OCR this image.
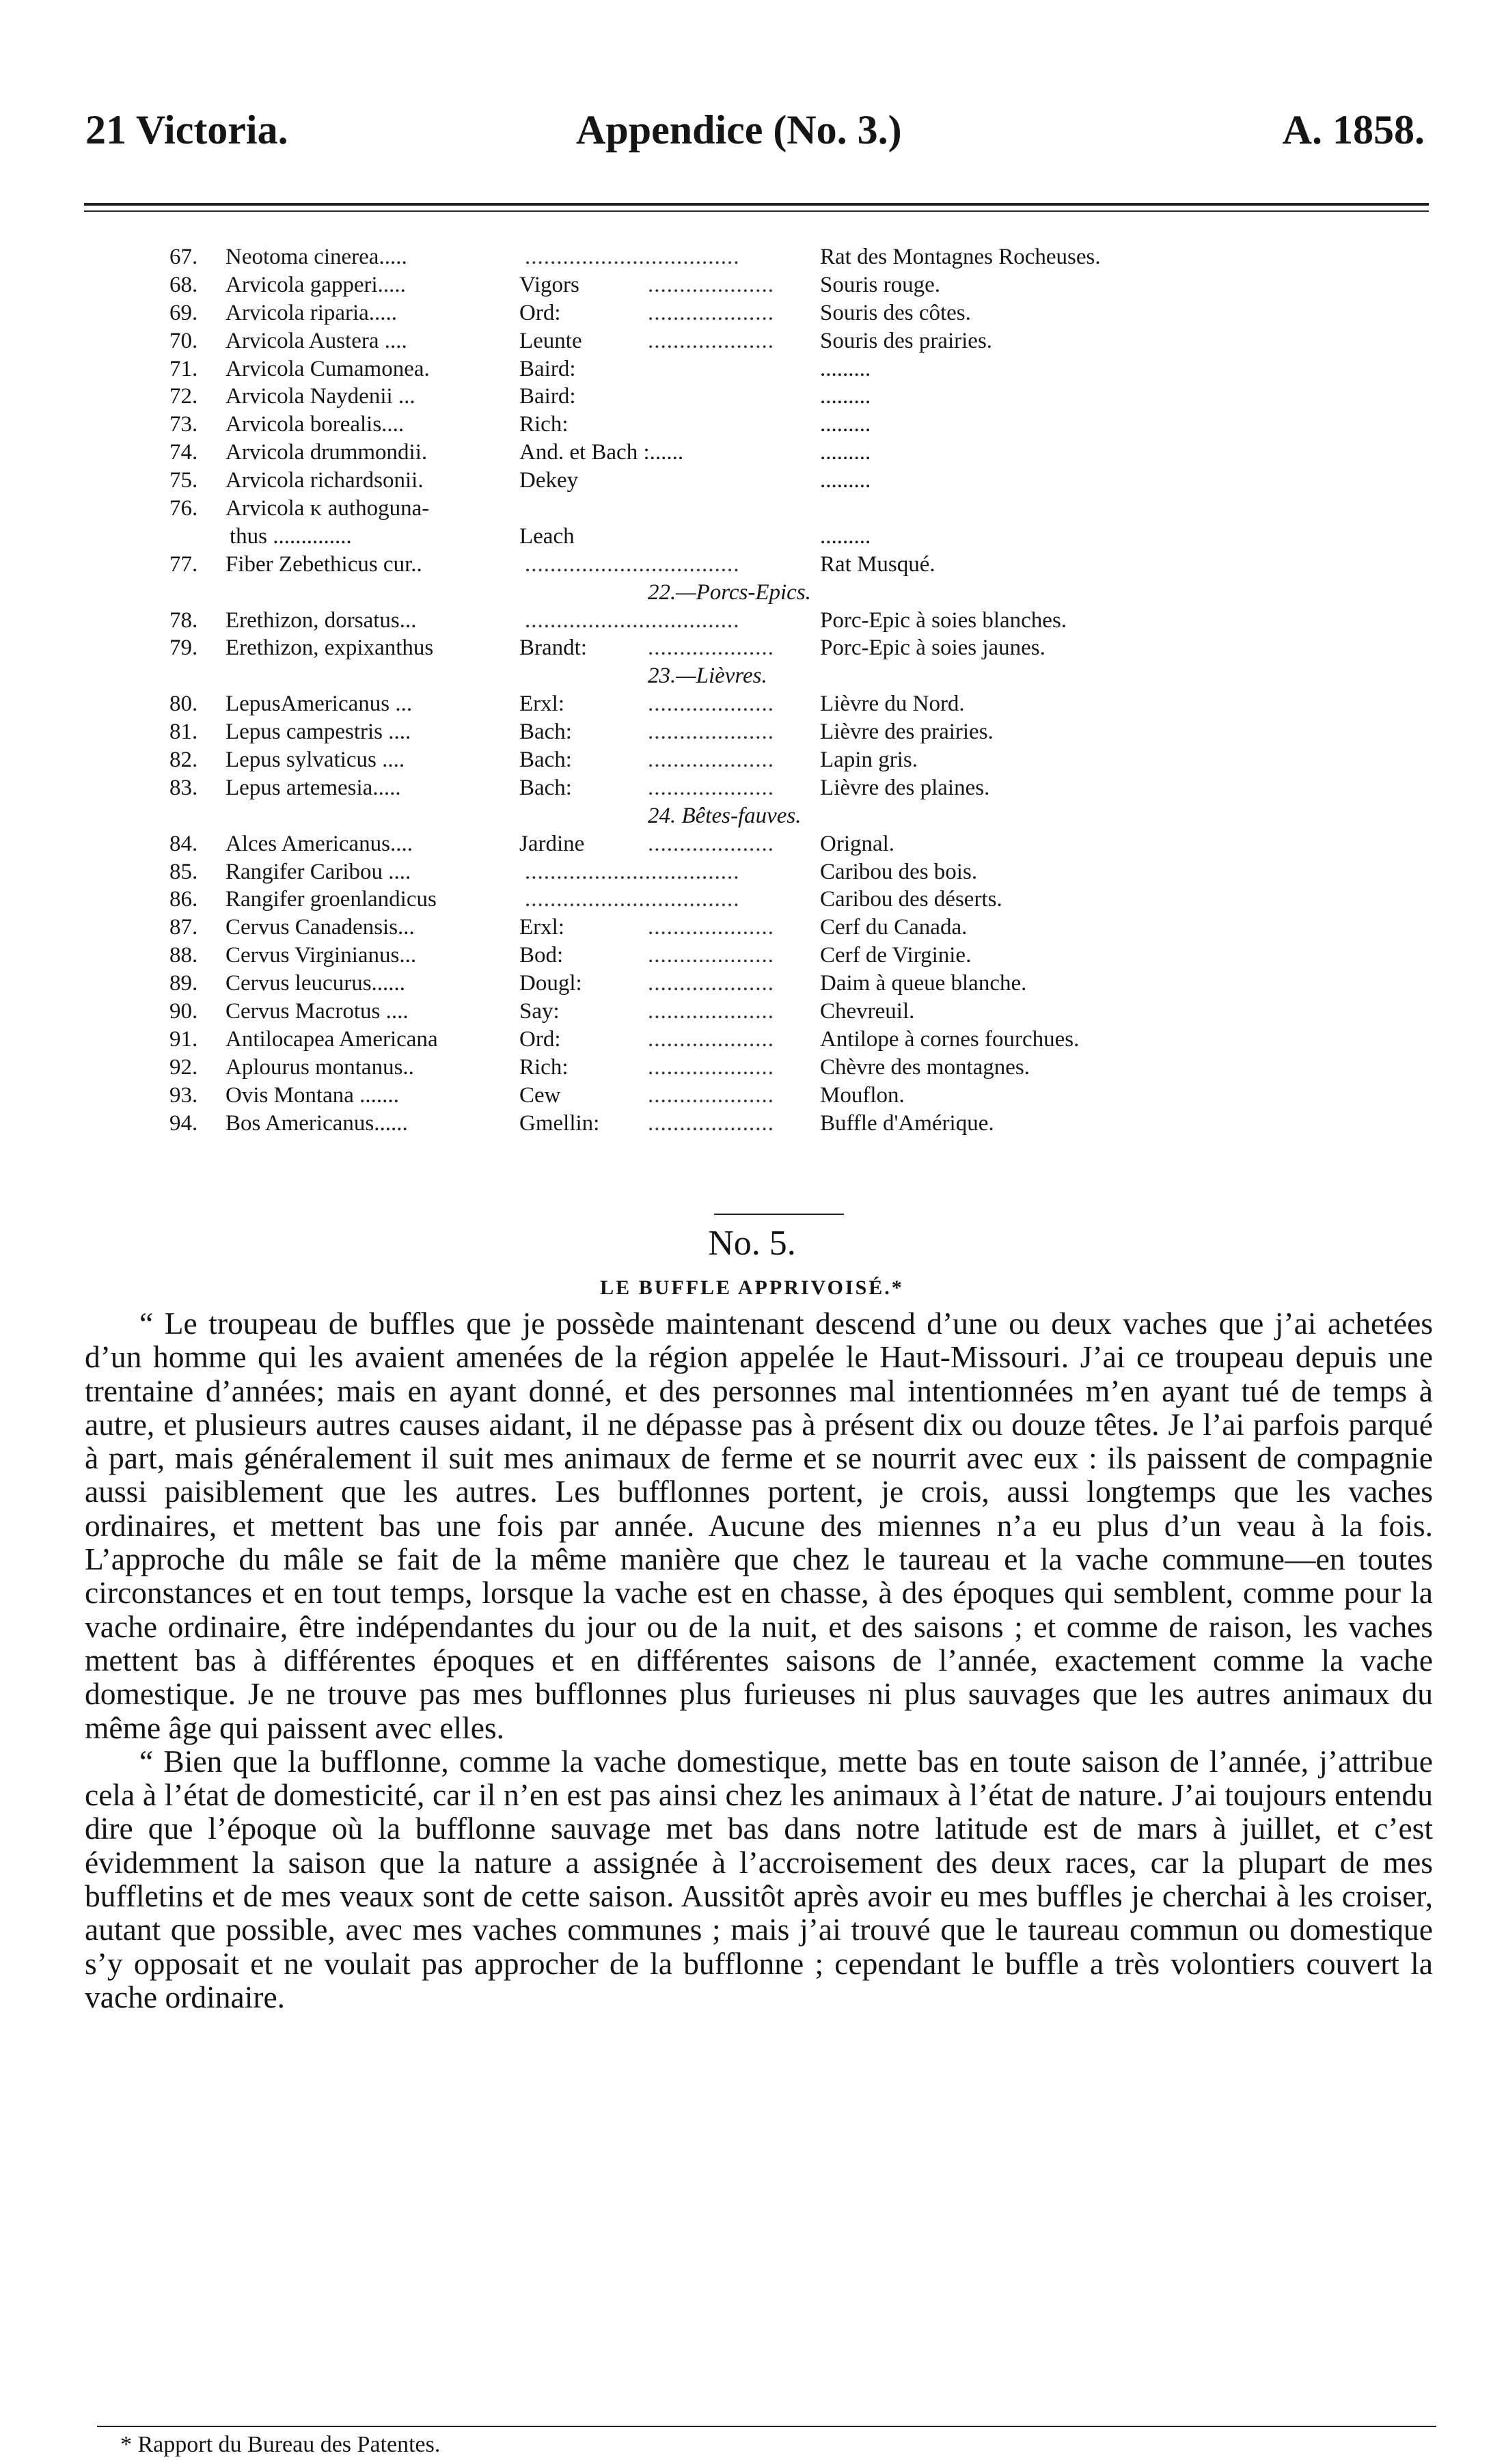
21 Victoria.	Appendice (No. 3.)	A. 1858.
67.	Neotoma cinerea.....	..................................	Rat des Montagnes Rocheuses.
68.	Arvicola gapperi.....	Vigors	.................... Souris rouge.
69.	Arvicola riparia.....	Ord:	.................... Souris des côtes.
70.	Arvicola Austera ....	Leunte	.................... Souris des prairies.
71.	Arvicola Cumamonea.	Baird:	.........
72.	Arvicola Naydenii ...	Baird:	.........
73.	Arvicola borealis....	Rich:	.........
74.	Arvicola drummondii.	And. et Bach :......	.........
75.	Arvicola richardsonii.	Dekey	.........
76.	Arvicola ᴋ authoguna-
thus ..............	Leach	.........
77.	Fiber Zebethicus cur..	..................................	Rat Musqué.
22.—Porcs-Epics.
78.	Erethizon, dorsatus...	..................................	Porc-Epic à soies blanches.
79.	Erethizon, expixanthus	Brandt:	.................... Porc-Epic à soies jaunes.
23.—Lièvres.
80.	LepusAmericanus ...	Erxl:	.................... Lièvre du Nord.
81.	Lepus campestris ....	Bach:	.................... Lièvre des prairies.
82.	Lepus sylvaticus ....	Bach:	.................... Lapin gris.
83.	Lepus artemesia.....	Bach:	.................... Lièvre des plaines.
24. Bêtes-fauves.
84.	Alces Americanus....	Jardine	.................... Orignal.
85.	Rangifer Caribou ....	..................................	Caribou des bois.
86.	Rangifer groenlandicus	..................................	Caribou des déserts.
87.	Cervus Canadensis...	Erxl:	.................... Cerf du Canada.
88.	Cervus Virginianus...	Bod:	.................... Cerf de Virginie.
89.	Cervus leucurus......	Dougl:	.................... Daim à queue blanche.
90.	Cervus Macrotus ....	Say:	.................... Chevreuil.
91.	Antilocapea Americana	Ord:	.................... Antilope à cornes fourchues.
92.	Aplourus montanus..	Rich:	.................... Chèvre des montagnes.
93.	Ovis Montana .......	Cew	.................... Mouflon.
94.	Bos Americanus......	Gmellin: .................... Buffle d'Amérique.
No. 5.
LE BUFFLE APPRIVOISÉ.*

“ Le troupeau de buffles que je possède maintenant descend d’une ou deux vaches que j’ai achetées d’un homme qui les avaient amenées de la région appelée le Haut-Missouri. J’ai ce troupeau depuis une trentaine d’années; mais en ayant donné, et des personnes mal intentionnées m’en ayant tué de temps à autre, et plusieurs autres causes aidant, il ne dépasse pas à présent dix ou douze têtes. Je l’ai parfois parqué à part, mais généralement il suit mes animaux de ferme et se nourrit avec eux : ils paissent de compagnie aussi paisiblement que les autres. Les bufflonnes portent, je crois, aussi longtemps que les vaches ordinaires, et mettent bas une fois par année. Aucune des miennes n’a eu plus d’un veau à la fois. L’approche du mâle se fait de la même manière que chez le taureau et la vache commune—en toutes circonstances et en tout temps, lorsque la vache est en chasse, à des époques qui semblent, comme pour la vache ordinaire, être indépendantes du jour ou de la nuit, et des saisons ; et comme de raison, les vaches mettent bas à différentes époques et en différentes saisons de l’année, exactement comme la vache domestique. Je ne trouve pas mes bufflonnes plus furieuses ni plus sauvages que les autres animaux du même âge qui paissent avec elles.

“ Bien que la bufflonne, comme la vache domestique, mette bas en toute saison de l’année, j’attribue cela à l’état de domesticité, car il n’en est pas ainsi chez les animaux à l’état de nature. J’ai toujours entendu dire que l’époque où la bufflonne sauvage met bas dans notre latitude est de mars à juillet, et c’est évidemment la saison que la nature a assignée à l’accroisement des deux races, car la plupart de mes buffletins et de mes veaux sont de cette saison. Aussitôt après avoir eu mes buffles je cherchai à les croiser, autant que possible, avec mes vaches communes ; mais j’ai trouvé que le taureau commun ou domestique s’y opposait et ne voulait pas approcher de la bufflonne ; cependant le buffle a très volontiers couvert la vache ordinaire.

* Rapport du Bureau des Patentes.
